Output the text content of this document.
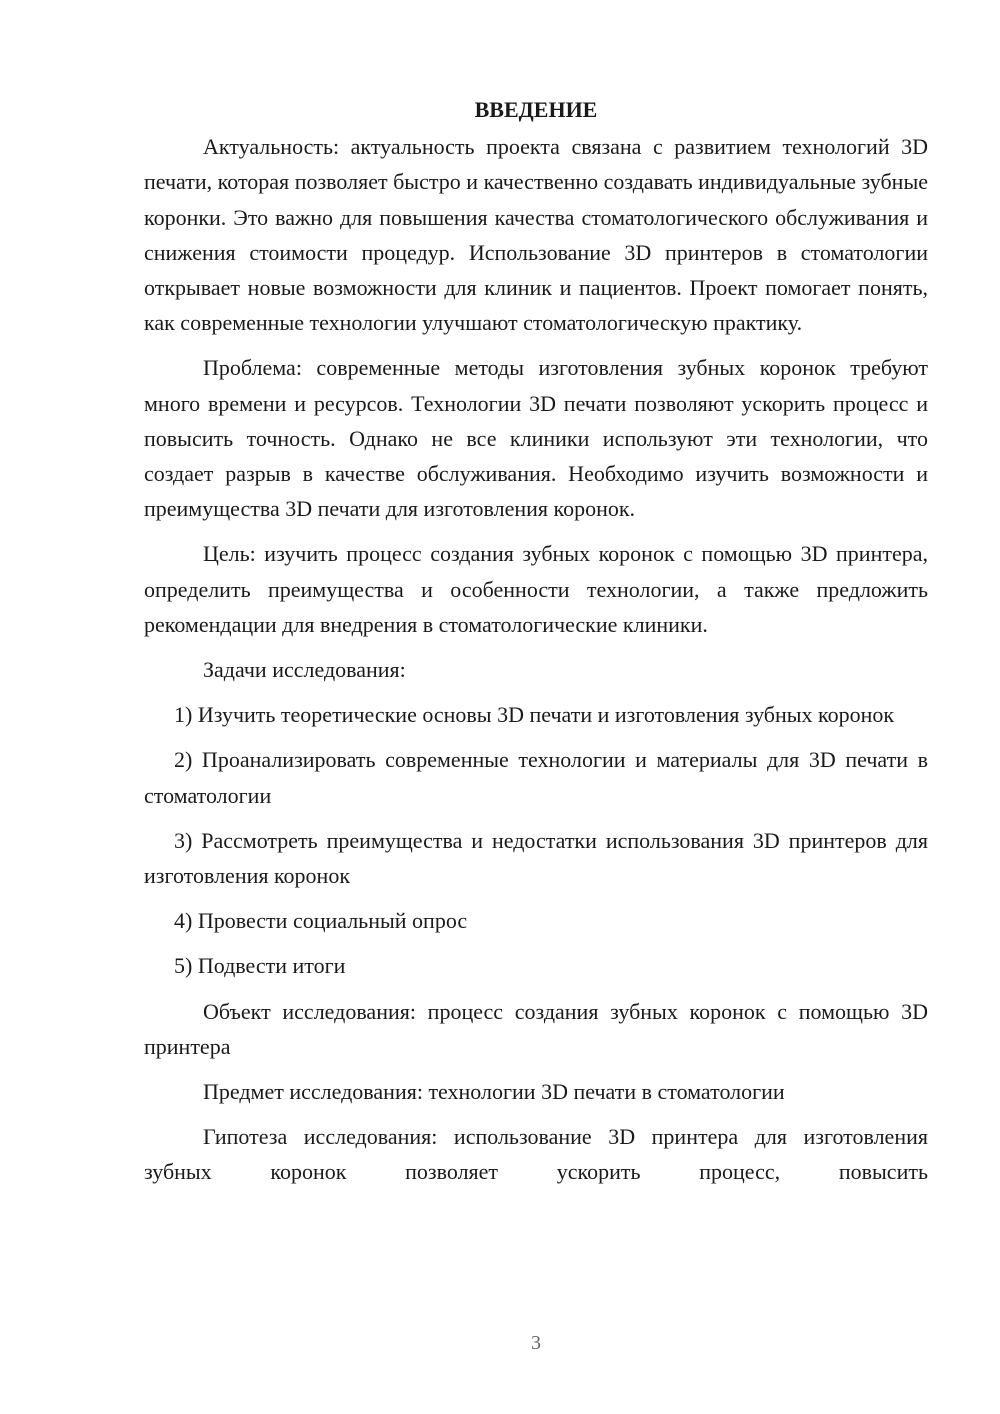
ВВЕДЕНИЕ

Актуальность: актуальность проекта связана с развитием технологий 3D печати, которая позволяет быстро и качественно создавать индивидуальные зубные коронки. Это важно для повышения качества стоматологического обслуживания и снижения стоимости процедур. Использование 3D принтеров в стоматологии открывает новые возможности для клиник и пациентов. Проект помогает понять, как современные технологии улучшают стоматологическую практику.

Проблема: современные методы изготовления зубных коронок требуют много времени и ресурсов. Технологии 3D печати позволяют ускорить процесс и повысить точность. Однако не все клиники используют эти технологии, что создает разрыв в качестве обслуживания. Необходимо изучить возможности и преимущества 3D печати для изготовления коронок.

Цель: изучить процесс создания зубных коронок с помощью 3D принтера, определить преимущества и особенности технологии, а также предложить рекомендации для внедрения в стоматологические клиники.

Задачи исследования:

1) Изучить теоретические основы 3D печати и изготовления зубных коронок

2) Проанализировать современные технологии и материалы для 3D печати в стоматологии

3) Рассмотреть преимущества и недостатки использования 3D принтеров для изготовления коронок

4) Провести социальный опрос

5) Подвести итоги

Объект исследования: процесс создания зубных коронок с помощью 3D принтера

Предмет исследования: технологии 3D печати в стоматологии

Гипотеза исследования: использование 3D принтера для изготовления зубных коронок позволяет ускорить процесс, повысить

3
